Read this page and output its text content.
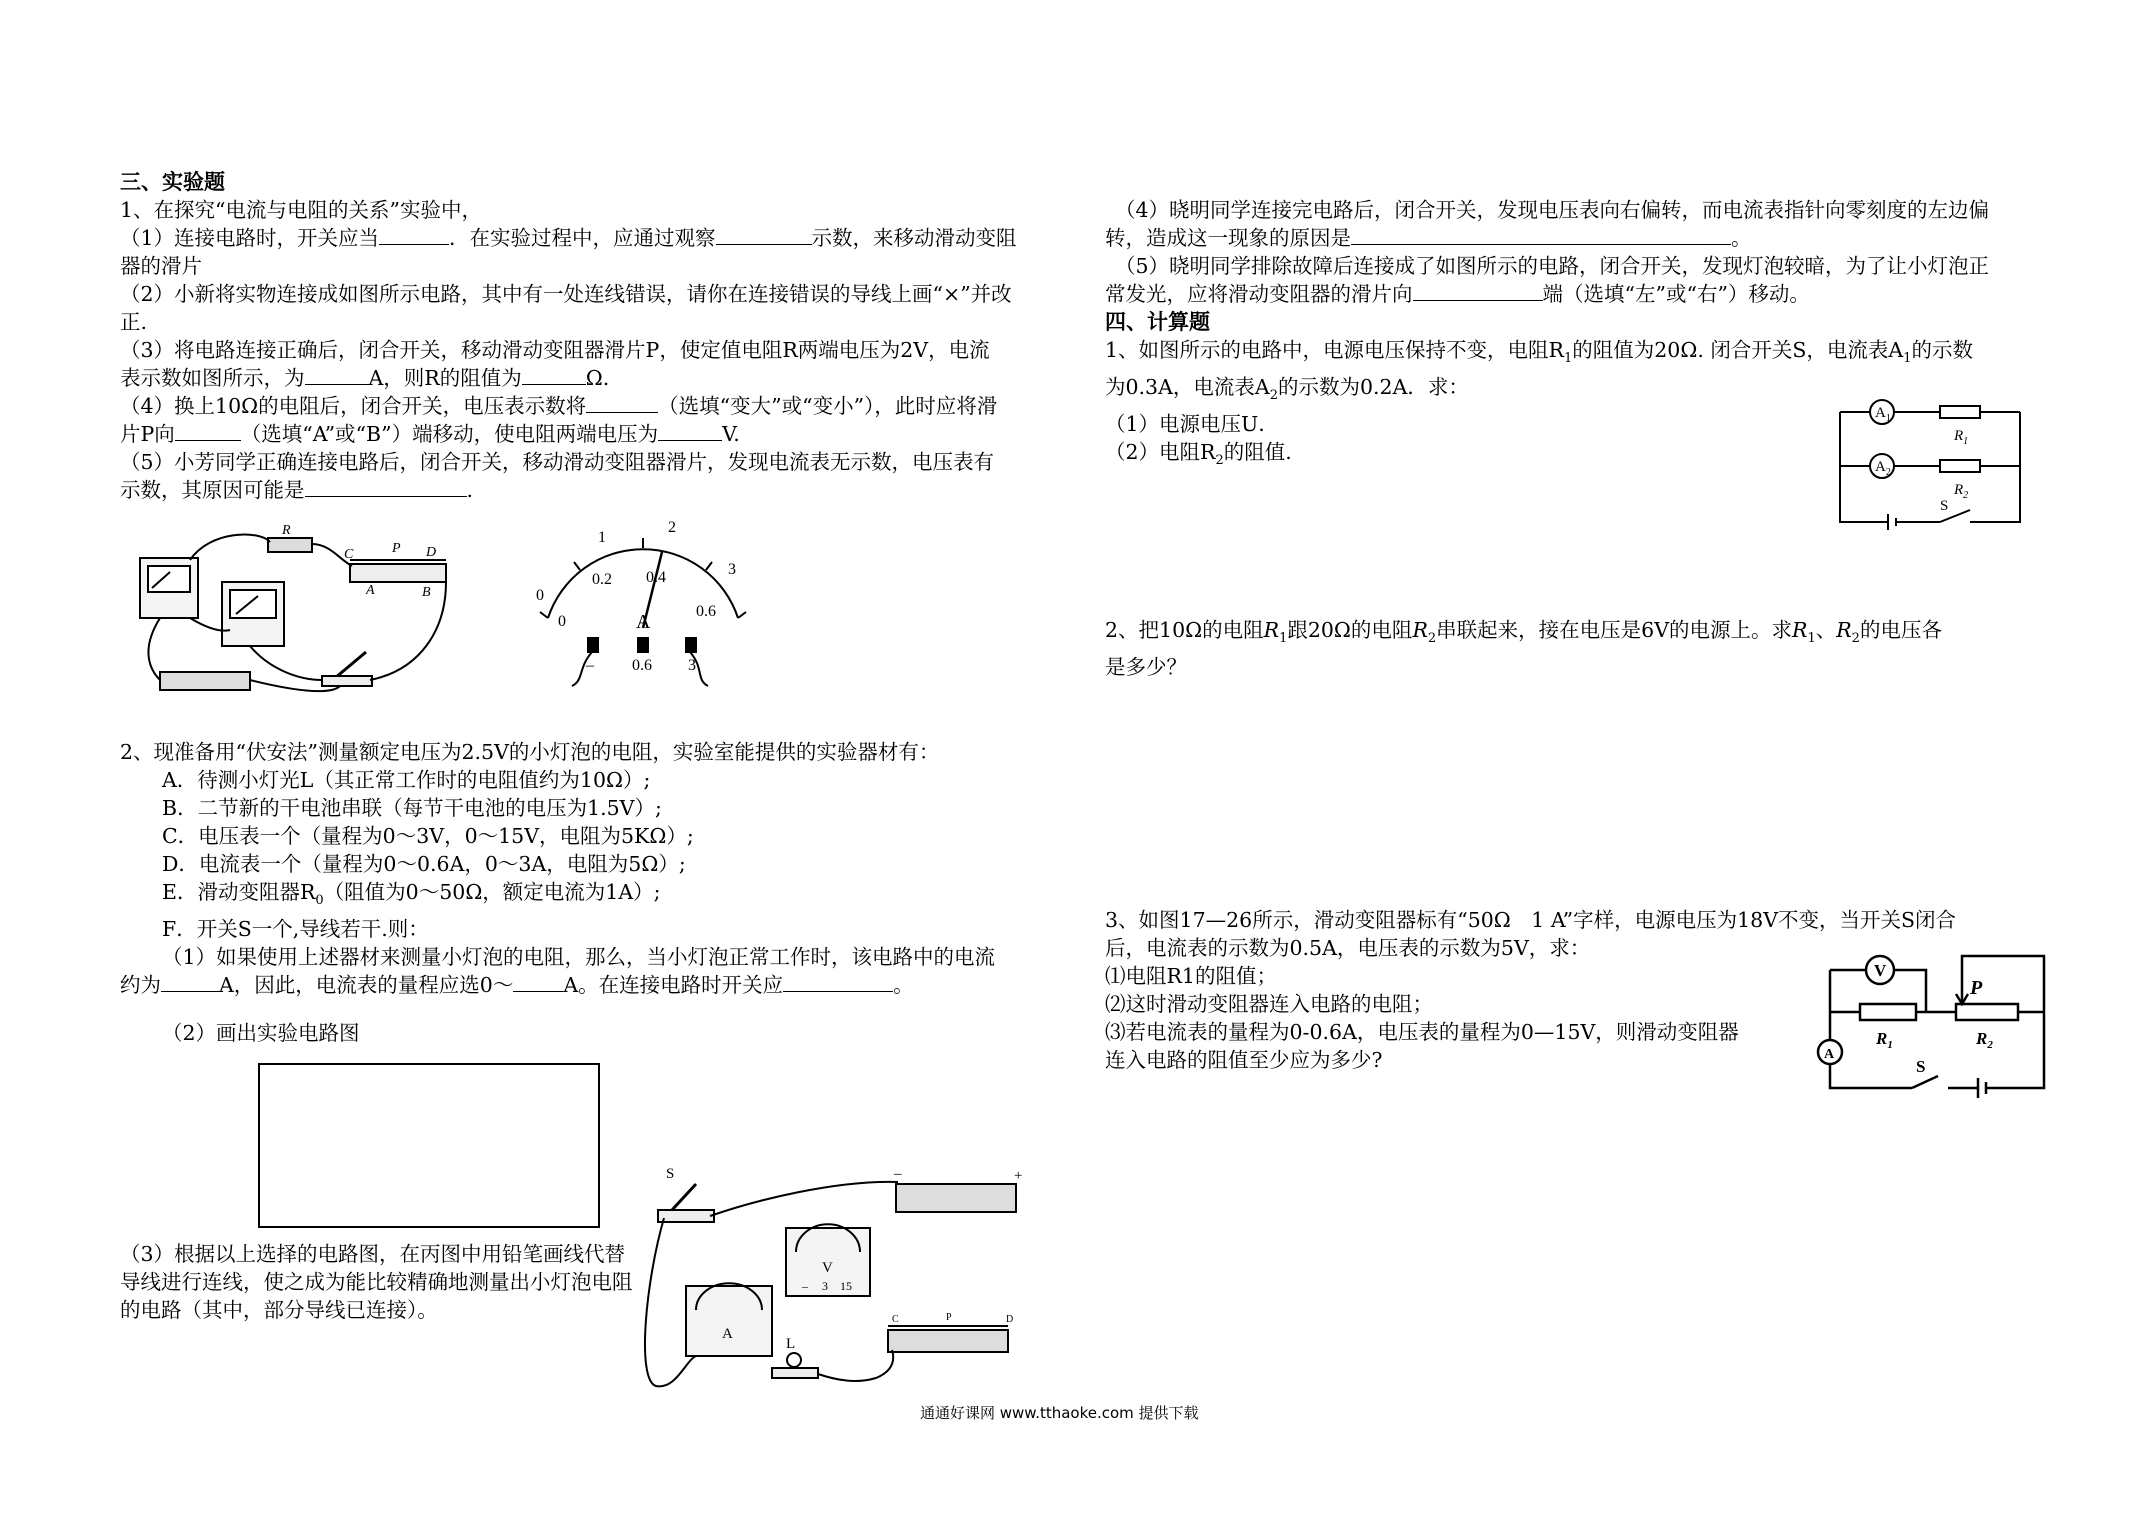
三、实验题

1、在探究“电流与电阻的关系”实验中，

（1）连接电路时，开关应当	．在实验过程中，应通过观察	示数，来移动滑动变阻

器的滑片

（2）小新将实物连接成如图所示电路，其中有一处连线错误，请你在连接错误的导线上画“×”并改

正.

（3）将电路连接正确后，闭合开关，移动滑动变阻器滑片P，使定值电阻R两端电压为2V，电流

表示数如图所示，为	A，则R的阻值为	Ω.

（4）换上10Ω的电阻后，闭合开关，电压表示数将	（选填“变大”或“变小”），此时应将滑

片P向	（选填“A”或“B”）端移动，使电阻两端电压为	V.

（5）小芳同学正确连接电路后，闭合开关，移动滑动变阻器滑片，发现电流表无示数，电压表有

示数，其原因可能是	.

R
C	P D
A	B	0
1
2
3
0
0.2 0.4
0.6
A
– 0.6 3

2、现准备用“伏安法”测量额定电压为2.5V的小灯泡的电阻，实验室能提供的实验器材有：

A．待测小灯光L（其正常工作时的电阻值约为10Ω）;

B．二节新的干电池串联（每节干电池的电压为1.5V）;

C．电压表一个（量程为0～3V，0～15V，电阻为5KΩ）;

D．电流表一个（量程为0～0.6A，0～3A，电阻为5Ω）;

E．滑动变阻器$R_0$（阻值为0～50Ω，额定电流为1A）;

F．开关S一个,导线若干.则：

（1）如果使用上述器材来测量小灯泡的电阻，那么，当小灯泡正常工作时，该电路中的电流

约为	A，因此，电流表的量程应选0～ A。在连接电路时开关应	。

（2）画出实验电路图

（3）根据以上选择的电路图，在丙图中用铅笔画线代替导线进行连线，使之成为能比较精确地测量出小灯泡电阻的电路（其中，部分导线已连接）。
S
A
V
L
C	P	D
–	+
– 3 15

（4）晓明同学连接完电路后，闭合开关，发现电压表向右偏转，而电流表指针向零刻度的左边偏

转，造成这一现象的原因是	。

（5）晓明同学排除故障后连接成了如图所示的电路，闭合开关，发现灯泡较暗，为了让小灯泡正

常发光，应将滑动变阻器的滑片向	端（选填“左”或“右”）移动。

四、计算题

1、如图所示的电路中，电源电压保持不变，电阻$R_1$的阻值为20Ω. 闭合开关S，电流表$A_1$的示数

为0.3A，电流表$A_2$的示数为0.2A．求：

（1）电源电压U．

（2）电阻$R_2$的阻值.

$A_1$
$A_2$
$R_1$
$R_2$
S

2、把10Ω的电阻$R_1$跟20Ω的电阻$R_2$串联起来，接在电压是6V的电源上。求$R_1$、$R_2$的电压各

是多少？

3、如图17—26所示，滑动变阻器标有“50Ω　1 A”字样，电源电压为18V不变，当开关S闭合

后，电流表的示数为0.5A，电压表的示数为5V，求：

⑴电阻R1的阻值；

⑵这时滑动变阻器连入电路的电阻；

⑶若电流表的量程为0-0.6A，电压表的量程为0—15V，则滑动变阻器

连入电路的阻值至少应为多少?

V
A
P
$R_1$	$R_2$
S
通通好课网 www.tthaoke.com 提供下载
